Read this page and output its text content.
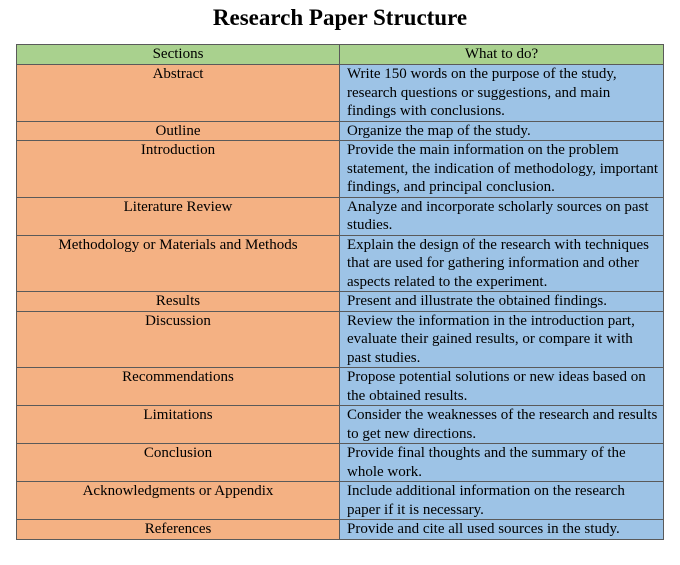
Research Paper Structure
Sections	What to do?
Abstract	Write 150 words on the purpose of the study, research questions or suggestions, and main findings with conclusions.
Outline	Organize the map of the study.
Introduction	Provide the main information on the problem statement, the indication of methodology, important findings, and principal conclusion.
Literature Review	Analyze and incorporate scholarly sources on past studies.
Methodology or Materials and Methods	Explain the design of the research with techniques that are used for gathering information and other aspects related to the experiment.
Results	Present and illustrate the obtained findings.
Discussion	Review the information in the introduction part, evaluate their gained results, or compare it with past studies.
Recommendations	Propose potential solutions or new ideas based on the obtained results.
Limitations	Consider the weaknesses of the research and results to get new directions.
Conclusion	Provide final thoughts and the summary of the whole work.
Acknowledgments or Appendix	Include additional information on the research paper if it is necessary.
References	Provide and cite all used sources in the study.
